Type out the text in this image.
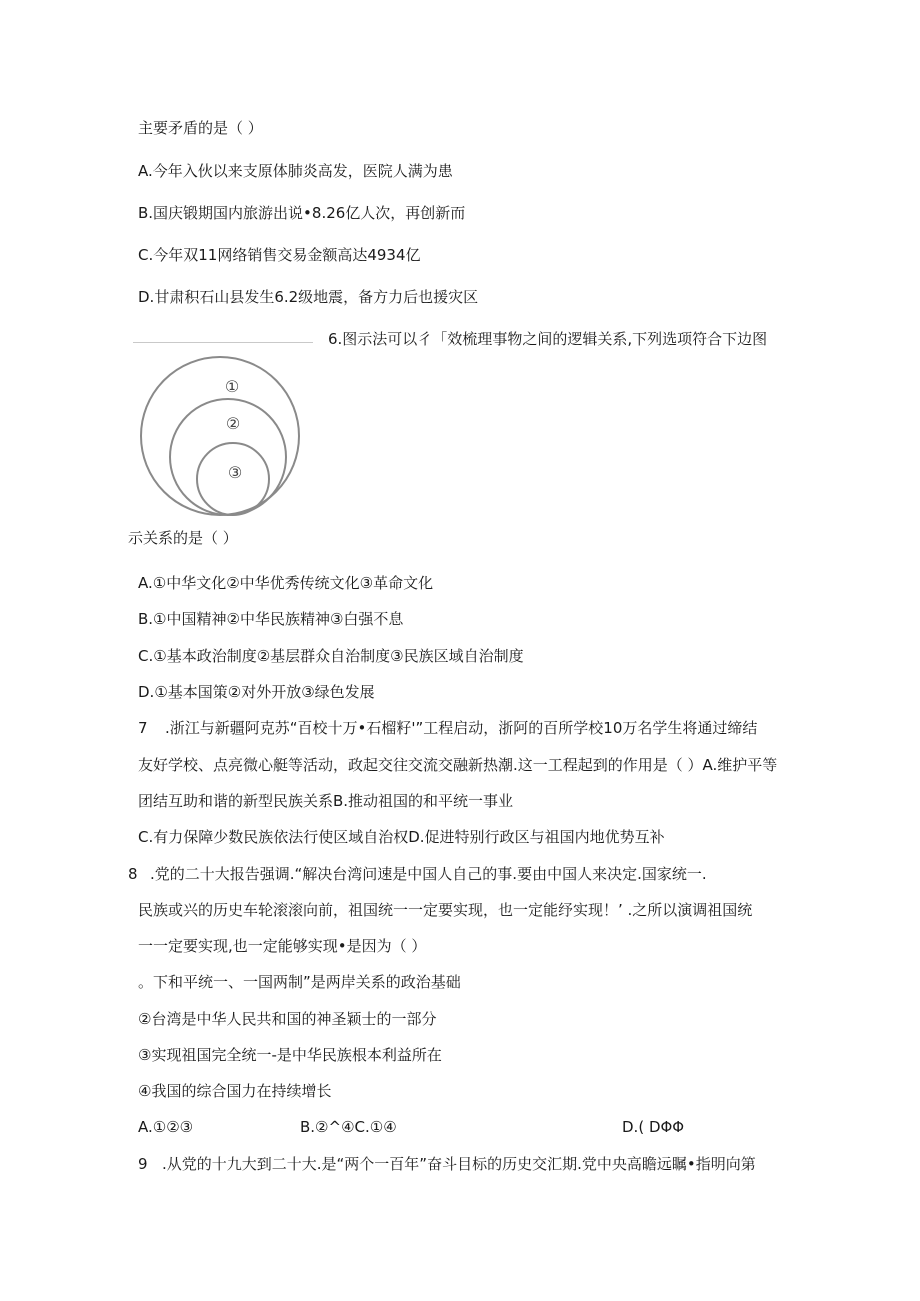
主要矛盾的是（ ）
A.今年入伙以来支原体肺炎高发，医院人满为患
B.国庆锻期国内旅游出说•8.26亿人次，再创新而
C.今年双11网络销售交易金额高达4934亿
D.甘肃积石山县发生6.2级地震，备方力后也援灾区
6.图示法可以彳「效梳理事物之间的逻辑关系,下列选项符合下边图
①
②
③
示关系的是（ ）
A.①中华文化②中华优秀传统文化③革命文化
B.①中国精神②中华民族精神③白强不息
C.①基本政治制度②基层群众自治制度③民族区域自治制度
D.①基本国策②对外开放③绿色发展
7 .浙江与新疆阿克苏“百校十万•石榴籽'”工程启动，浙阿的百所学校10万名学生将通过缔结
友好学校、点亮微心艇等活动，政起交往交流交融新热潮.这一工程起到的作用是（ ）A.维护平等
团结互助和谐的新型民族关系B.推动祖国的和平统一事业
C.有力保障少数民族依法行使区域自治权D.促进特别行政区与祖国内地优势互补
8 .党的二十大报告强调.“解决台湾问速是中国人自己的事.要由中国人来决定.国家统一.
民族或兴的历史车轮滚滚向前，祖国统一一定要实现，也一定能纾实现！’ .之所以演调祖国统
一一定要实现,也一定能够实现•是因为（ ）
。下和平统一、一国两制”是两岸关系的政治基础
②台湾是中华人民共和国的神圣颖士的一部分
③实现祖国完全统一-是中华民族根本利益所在
④我国的综合国力在持续增长
A.①②③	B.②^④C.①④	D.( DΦΦ
9 .从党的十九大到二十大.是“两个一百年”奋斗目标的历史交汇期.党中央高瞻远瞩•指明向第
